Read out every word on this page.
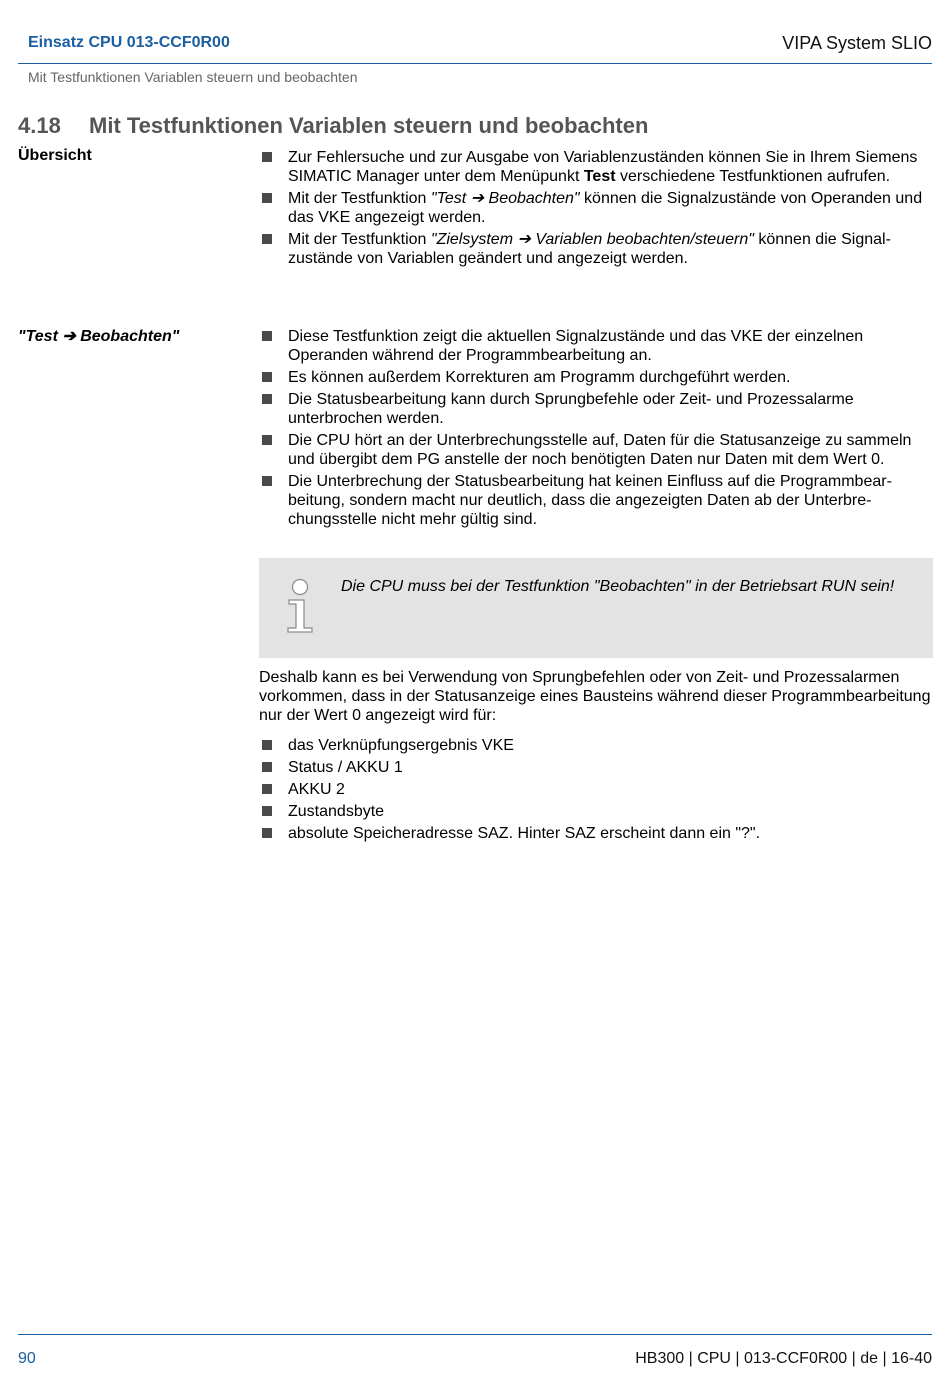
Einsatz CPU 013-CCF0R00	VIPA System SLIO
Mit Testfunktionen Variablen steuern und beobachten
4.18 Mit Testfunktionen Variablen steuern und beobachten
Übersicht	Zur Fehlersuche und zur Ausgabe von Variablenzuständen können Sie in Ihrem Siemens SIMATIC Manager unter dem Menüpunkt Test verschiedene Testfunktionen aufrufen.
Mit der Testfunktion "Test ➔ Beobachten" können die Signalzustände von Operanden und das VKE angezeigt werden.
Mit der Testfunktion "Zielsystem ➔ Variablen beobachten/steuern" können die Signalzustände von Variablen geändert und angezeigt werden.
"Test ➔ Beobachten"	Diese Testfunktion zeigt die aktuellen Signalzustände und das VKE der einzelnen Operanden während der Programmbearbeitung an.
Es können außerdem Korrekturen am Programm durchgeführt werden.
Die Statusbearbeitung kann durch Sprungbefehle oder Zeit- und Prozessalarme unterbrochen werden.
Die CPU hört an der Unterbrechungsstelle auf, Daten für die Statusanzeige zu sammeln und übergibt dem PG anstelle der noch benötigten Daten nur Daten mit dem Wert 0.
Die Unterbrechung der Statusbearbeitung hat keinen Einfluss auf die Programmbearbeitung, sondern macht nur deutlich, dass die angezeigten Daten ab der Unterbrechungsstelle nicht mehr gültig sind.
Die CPU muss bei der Testfunktion "Beobachten" in der Betriebsart RUN sein!
Deshalb kann es bei Verwendung von Sprungbefehlen oder von Zeit- und Prozessalarmen vorkommen, dass in der Statusanzeige eines Bausteins während dieser Programmbearbeitung nur der Wert 0 angezeigt wird für:
das Verknüpfungsergebnis VKE
Status / AKKU 1
AKKU 2
Zustandsbyte
absolute Speicheradresse SAZ. Hinter SAZ erscheint dann ein "?".
90	HB300 | CPU | 013-CCF0R00 | de | 16-40
